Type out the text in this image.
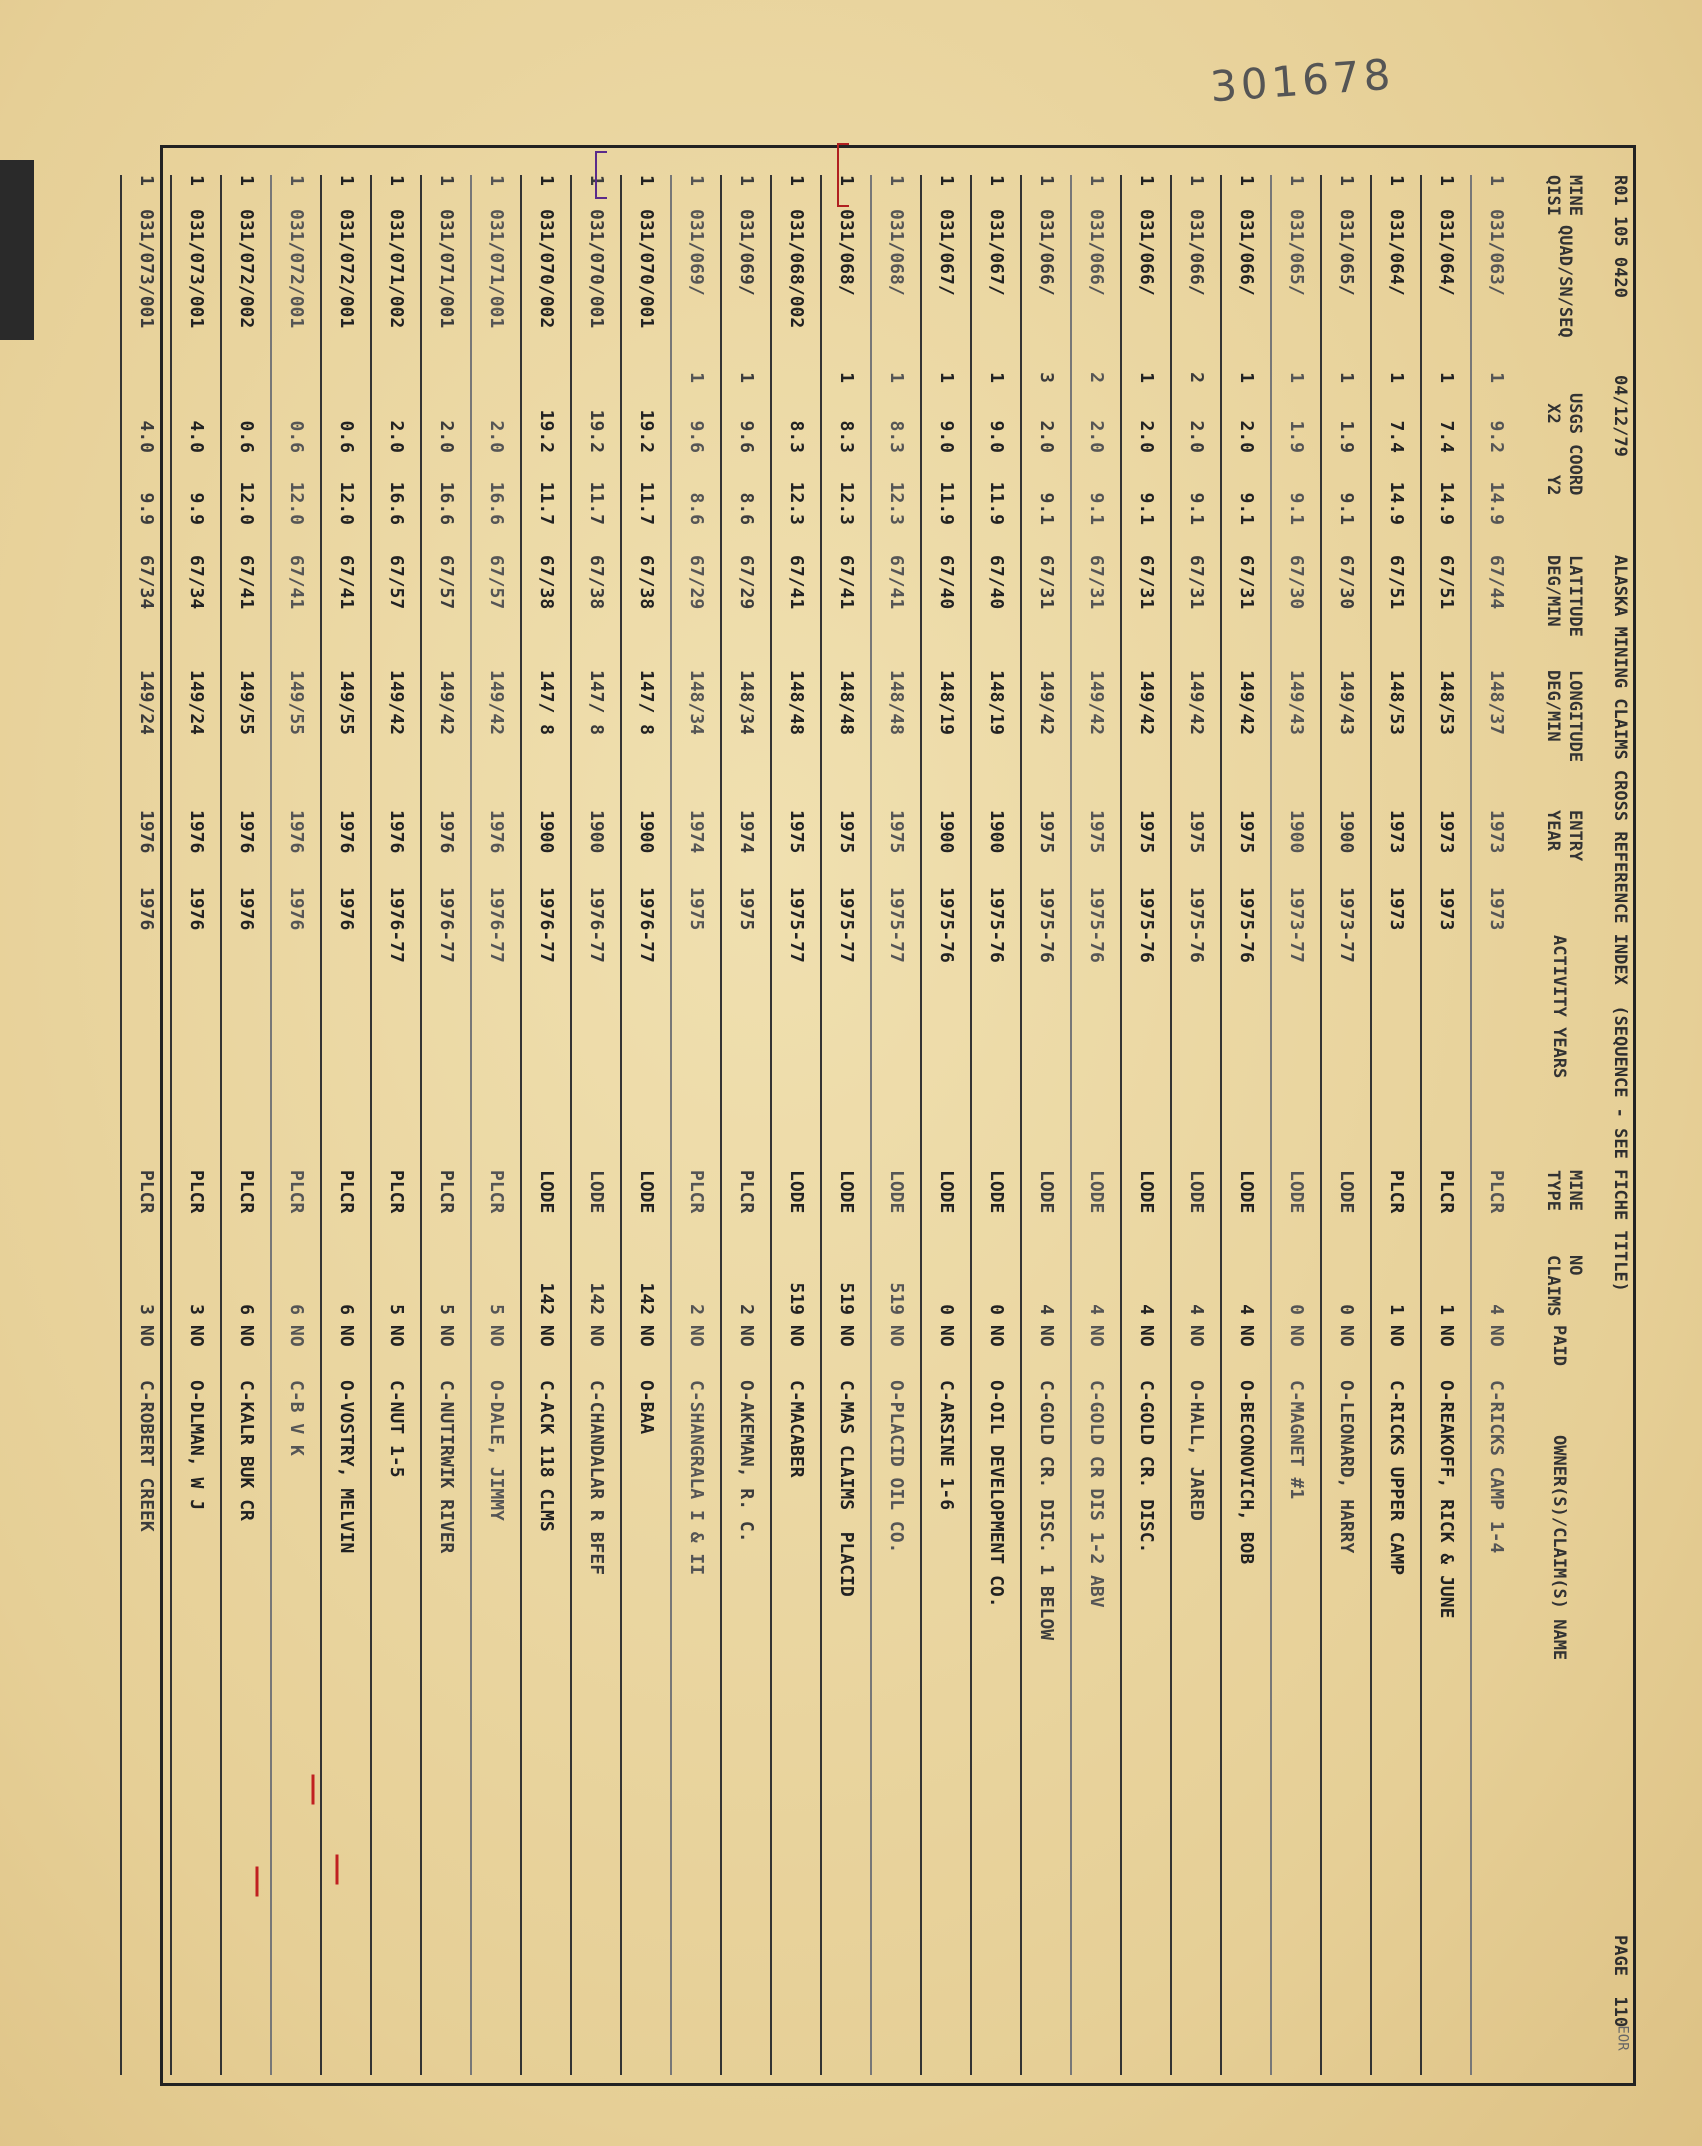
301678

R01 105 0420

04/12/79

ALASKA MINING CLAIMS CROSS REFERENCE INDEX  (SEQUENCE - SEE FICHE TITLE)

PAGE  110

MINE
QISI
QUAD/SN/SEQ
USGS COORD
X2     Y2
LATITUDE
DEG/MIN
LONGITUDE
DEG/MIN
ENTRY
YEAR
ACTIVITY YEARS
MINE
TYPE
NO
CLAIMS
PAID
OWNER(S)/CLAIM(S) NAME
1
031/063/
1
9.2
14.9
67/44
148/37
1973
1973
PLCR
4
NO
C-RICKS CAMP 1-4
1
031/064/
1
7.4
14.9
67/51
148/53
1973
1973
PLCR
1
NO
O-REAKOFF, RICK & JUNE
1
031/064/
1
7.4
14.9
67/51
148/53
1973
1973
PLCR
1
NO
C-RICKS UPPER CAMP
1
031/065/
1
1.9
9.1
67/30
149/43
1900
1973-77
LODE
0
NO
O-LEONARD, HARRY
1
031/065/
1
1.9
9.1
67/30
149/43
1900
1973-77
LODE
0
NO
C-MAGNET #1
1
031/066/
1
2.0
9.1
67/31
149/42
1975
1975-76
LODE
4
NO
O-BECONOVICH, BOB
1
031/066/
2
2.0
9.1
67/31
149/42
1975
1975-76
LODE
4
NO
O-HALL, JARED
1
031/066/
1
2.0
9.1
67/31
149/42
1975
1975-76
LODE
4
NO
C-GOLD CR. DISC.
1
031/066/
2
2.0
9.1
67/31
149/42
1975
1975-76
LODE
4
NO
C-GOLD CR DIS 1-2 ABV
1
031/066/
3
2.0
9.1
67/31
149/42
1975
1975-76
LODE
4
NO
C-GOLD CR. DISC. 1 BELOW
1
031/067/
1
9.0
11.9
67/40
148/19
1900
1975-76
LODE
0
NO
O-OIL DEVELOPMENT CO.
1
031/067/
1
9.0
11.9
67/40
148/19
1900
1975-76
LODE
0
NO
C-ARSINE 1-6
1
031/068/
1
8.3
12.3
67/41
148/48
1975
1975-77
LODE
519
NO
O-PLACID OIL CO.
1
031/068/
1
8.3
12.3
67/41
148/48
1975
1975-77
LODE
519
NO
C-MAS CLAIMS  PLACID
1
031/068/002
8.3
12.3
67/41
148/48
1975
1975-77
LODE
519
NO
C-MACABER
1
031/069/
1
9.6
8.6
67/29
148/34
1974
1975
PLCR
2
NO
O-AKEMAN, R. C.
1
031/069/
1
9.6
8.6
67/29
148/34
1974
1975
PLCR
2
NO
C-SHANGRALA I & II
1
031/070/001
19.2
11.7
67/38
147/ 8
1900
1976-77
LODE
142
NO
O-BAA
1
031/070/001
19.2
11.7
67/38
147/ 8
1900
1976-77
LODE
142
NO
C-CHANDALAR R BFEF
1
031/070/002
19.2
11.7
67/38
147/ 8
1900
1976-77
LODE
142
NO
C-ACK 118 CLMS
1
031/071/001
2.0
16.6
67/57
149/42
1976
1976-77
PLCR
5
NO
O-DALE, JIMMY
1
031/071/001
2.0
16.6
67/57
149/42
1976
1976-77
PLCR
5
NO
C-NUTIRWIK RIVER
1
031/071/002
2.0
16.6
67/57
149/42
1976
1976-77
PLCR
5
NO
C-NUT 1-5
1
031/072/001
0.6
12.0
67/41
149/55
1976
1976
PLCR
6
NO
O-VOSTRY, MELVIN
1
031/072/001
0.6
12.0
67/41
149/55
1976
1976
PLCR
6
NO
C-B V K
1
031/072/002
0.6
12.0
67/41
149/55
1976
1976
PLCR
6
NO
C-KALR BUK CR
1
031/073/001
4.0
9.9
67/34
149/24
1976
1976
PLCR
3
NO
O-DLMAN, W J
1
031/073/001
4.0
9.9
67/34
149/24
1976
1976
PLCR
3
NO
C-ROBERT CREEK
EOR
